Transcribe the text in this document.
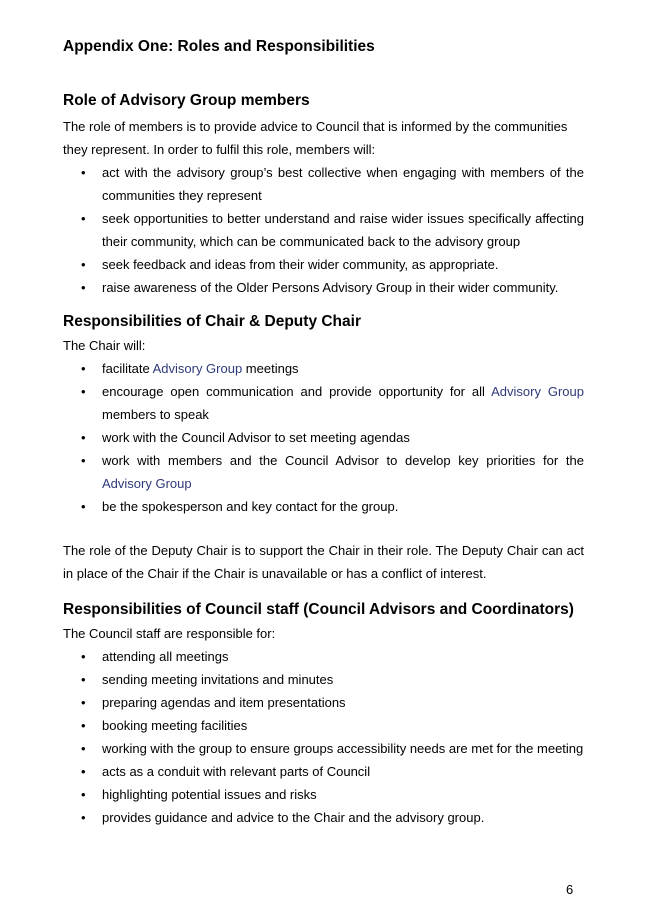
Appendix One: Roles and Responsibilities
Role of Advisory Group members
The role of members is to provide advice to Council that is informed by the communities they represent. In order to fulfil this role, members will:
• act with the advisory group’s best collective when engaging with members of the communities they represent
• seek opportunities to better understand and raise wider issues specifically affecting their community, which can be communicated back to the advisory group
• seek feedback and ideas from their wider community, as appropriate.
• raise awareness of the Older Persons Advisory Group in their wider community.
Responsibilities of Chair & Deputy Chair
The Chair will:
• facilitate Advisory Group meetings
• encourage open communication and provide opportunity for all Advisory Group members to speak
• work with the Council Advisor to set meeting agendas
• work with members and the Council Advisor to develop key priorities for the Advisory Group
• be the spokesperson and key contact for the group.
The role of the Deputy Chair is to support the Chair in their role. The Deputy Chair can act in place of the Chair if the Chair is unavailable or has a conflict of interest.
Responsibilities of Council staff (Council Advisors and Coordinators)
The Council staff are responsible for:
• attending all meetings
• sending meeting invitations and minutes
• preparing agendas and item presentations
• booking meeting facilities
• working with the group to ensure groups accessibility needs are met for the meeting
• acts as a conduit with relevant parts of Council
• highlighting potential issues and risks
• provides guidance and advice to the Chair and the advisory group.
6
